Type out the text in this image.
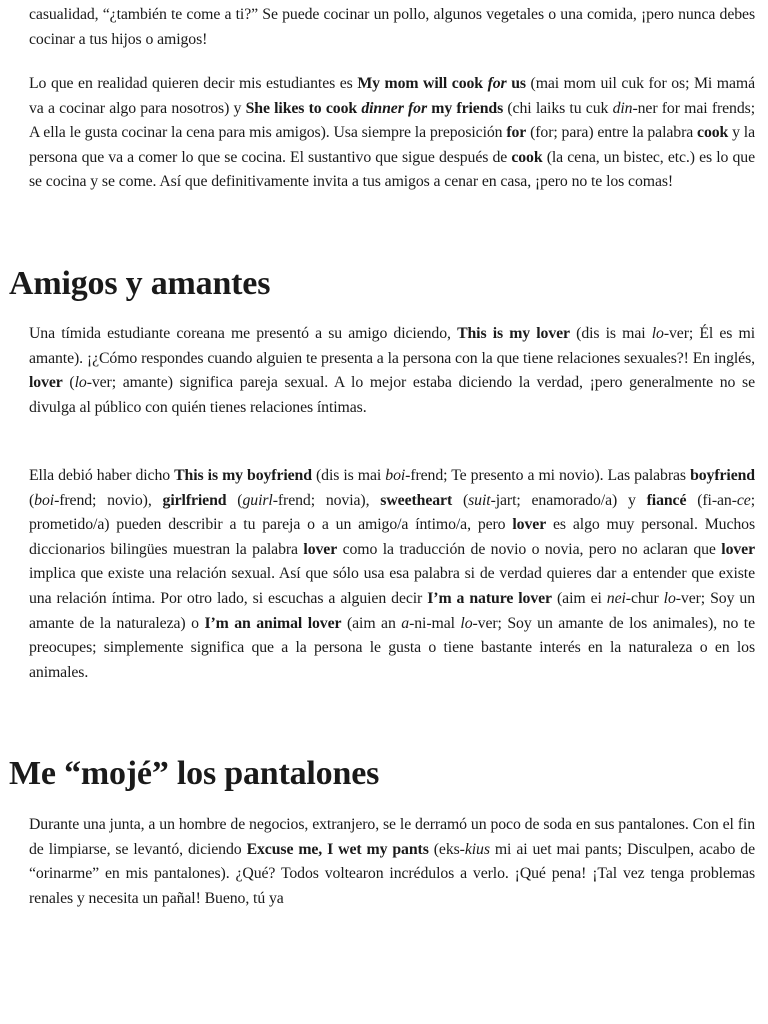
casualidad, “¿también te come a ti?” Se puede cocinar un pollo, algunos vegetales o una comida, ¡pero nunca debes cocinar a tus hijos o amigos!

Lo que en realidad quieren decir mis estudiantes es My mom will cook for us (mai mom uil cuk for os; Mi mamá va a cocinar algo para nosotros) y She likes to cook dinner for my friends (chi laiks tu cuk din-ner for mai frends; A ella le gusta cocinar la cena para mis amigos). Usa siempre la preposición for (for; para) entre la palabra cook y la persona que va a comer lo que se cocina. El sustantivo que sigue después de cook (la cena, un bistec, etc.) es lo que se cocina y se come. Así que definitivamente invita a tus amigos a cenar en casa, ¡pero no te los comas!

Amigos y amantes

Una tímida estudiante coreana me presentó a su amigo diciendo, This is my lover (dis is mai lo-ver; Él es mi amante). ¡¿Cómo respondes cuando alguien te presenta a la persona con la que tiene relaciones sexuales?! En inglés, lover (lo-ver; amante) significa pareja sexual. A lo mejor estaba diciendo la verdad, ¡pero generalmente no se divulga al público con quién tienes relaciones íntimas.

Ella debió haber dicho This is my boyfriend (dis is mai boi-frend; Te presento a mi novio). Las palabras boyfriend (boi-frend; novio), girlfriend (guirl-frend; novia), sweetheart (suit-jart; enamorado/a) y fiancé (fi-an-ce; prometido/a) pueden describir a tu pareja o a un amigo/a íntimo/a, pero lover es algo muy personal. Muchos diccionarios bilingües muestran la palabra lover como la traducción de novio o novia, pero no aclaran que lover implica que existe una relación sexual. Así que sólo usa esa palabra si de verdad quieres dar a entender que existe una relación íntima. Por otro lado, si escuchas a alguien decir I’m a nature lover (aim ei nei-chur lo-ver; Soy un amante de la naturaleza) o I’m an animal lover (aim an a-ni-mal lo-ver; Soy un amante de los animales), no te preocupes; simplemente significa que a la persona le gusta o tiene bastante interés en la naturaleza o en los animales.

Me “mojé” los pantalones

Durante una junta, a un hombre de negocios, extranjero, se le derramó un poco de soda en sus pantalones. Con el fin de limpiarse, se levantó, diciendo Excuse me, I wet my pants (eks-kius mi ai uet mai pants; Disculpen, acabo de “orinarme” en mis pantalones). ¿Qué? Todos voltearon incrédulos a verlo. ¡Qué pena! ¡Tal vez tenga problemas renales y necesita un pañal! Bueno, tú ya
